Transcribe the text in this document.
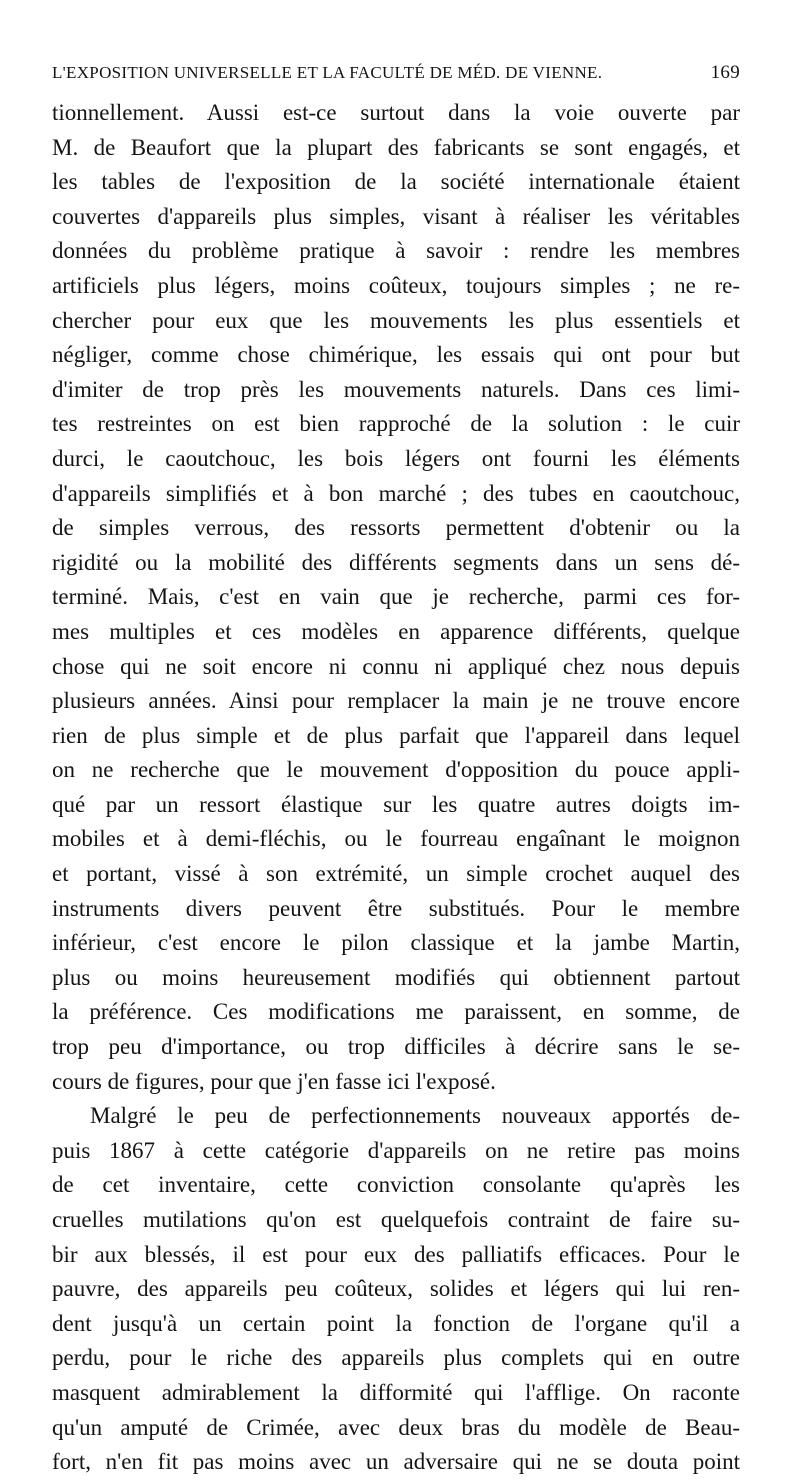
L'EXPOSITION UNIVERSELLE ET LA FACULTÉ DE MÉD. DE VIENNE.	169
tionnellement. Aussi est-ce surtout dans la voie ouverte par
M. de Beaufort que la plupart des fabricants se sont engagés, et
les tables de l'exposition de la société internationale étaient
couvertes d'appareils plus simples, visant à réaliser les véritables
données du problème pratique à savoir : rendre les membres
artificiels plus légers, moins coûteux, toujours simples ; ne re-
chercher pour eux que les mouvements les plus essentiels et
négliger, comme chose chimérique, les essais qui ont pour but
d'imiter de trop près les mouvements naturels. Dans ces limi-
tes restreintes on est bien rapproché de la solution : le cuir
durci, le caoutchouc, les bois légers ont fourni les éléments
d'appareils simplifiés et à bon marché ; des tubes en caoutchouc,
de simples verrous, des ressorts permettent d'obtenir ou la
rigidité ou la mobilité des différents segments dans un sens dé-
terminé. Mais, c'est en vain que je recherche, parmi ces for-
mes multiples et ces modèles en apparence différents, quelque
chose qui ne soit encore ni connu ni appliqué chez nous depuis
plusieurs années. Ainsi pour remplacer la main je ne trouve encore
rien de plus simple et de plus parfait que l'appareil dans lequel
on ne recherche que le mouvement d'opposition du pouce appli-
qué par un ressort élastique sur les quatre autres doigts im-
mobiles et à demi-fléchis, ou le fourreau engaînant le moignon
et portant, vissé à son extrémité, un simple crochet auquel des
instruments divers peuvent être substitués. Pour le membre
inférieur, c'est encore le pilon classique et la jambe Martin,
plus ou moins heureusement modifiés qui obtiennent partout
la préférence. Ces modifications me paraissent, en somme, de
trop peu d'importance, ou trop difficiles à décrire sans le se-
cours de figures, pour que j'en fasse ici l'exposé.
Malgré le peu de perfectionnements nouveaux apportés de-
puis 1867 à cette catégorie d'appareils on ne retire pas moins
de cet inventaire, cette conviction consolante qu'après les
cruelles mutilations qu'on est quelquefois contraint de faire su-
bir aux blessés, il est pour eux des palliatifs efficaces. Pour le
pauvre, des appareils peu coûteux, solides et légers qui lui ren-
dent jusqu'à un certain point la fonction de l'organe qu'il a
perdu, pour le riche des appareils plus complets qui en outre
masquent admirablement la difformité qui l'afflige. On raconte
qu'un amputé de Crimée, avec deux bras du modèle de Beau-
fort, n'en fit pas moins avec un adversaire qui ne se douta point
